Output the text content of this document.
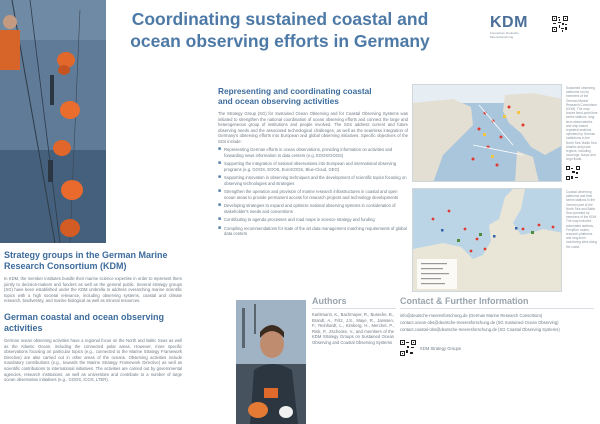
Coordinating sustained coastal and
ocean observing efforts in Germany
KDM
Konsortium Deutsche
Meeresforschung
Strategy groups in the German Marine
Research Consortium (KDM)

In KDM, the member institutes bundle their marine science expertise in order to represent them jointly to decision-makers and funders as well as the general public. Several strategy groups (SG) have been established under the KDM umbrella to address overarching marine scientific topics with a high societal relevance, including observing systems, coastal and climate research, biodiversity, and marine biological as well as mineral resources.

German coastal and ocean observing
activities

German ocean observing activities have a regional focus on the North and Baltic Seas as well as the Atlantic Ocean, including the connected polar areas. However, more specific observations focusing on particular topics (e.g., connected to the Marine Strategy Framework Directive) are also carried out in other areas of the oceans. Observing activities include mandatory contributions (e.g., towards the Marine Strategy Framework Directive) as well as scientific contributions to international initiatives. The activities are carried out by governmental agencies, research institutions, as well as universities and contribute to a number of large ocean observation initiatives (e.g., GOOS, ICOS, LTER).

Representing and coordinating coastal
and ocean observing activities

The Strategy Group (SG) for Sustained Ocean Observing and for Coastal Observing Systems was initiated to strengthen the national coordination of ocean observing efforts and connect the large and heterogeneous group of institutions and people involved. The SGs address current and future observing needs and the associated technological challenges, as well as the seamless integration of Germany's observing efforts into European and global observing initiatives. Specific objectives of the SGs include:

■ Representing German efforts in ocean observations, providing information on activities and forwarding news information to data centers (e.g. EOOS/GOOS)
■ Supporting the integration of national observations into European and international observing programs (e.g. GOOS, EOOS, EuroGOOS, Blue-Cloud, GEO)
■ Supporting innovation in observing techniques and the development of scientific topics focusing on observing technologies and strategies
■ Strengthen the operation and provision of marine research infrastructures in coastal and open ocean areas to provide permanent access for research projects and technology developments
■ Developing strategies to expand and optimize national observing systems in consideration of stakeholder's needs and conventions
■ Contributing to agenda processes and road maps in science strategy and funding
■ Compiling recommendations for state of the art data management matching requirements of global data centers
Sustained observing platforms run by members of the German Marine Research Consortium (KDM). The map shows fixed-point time series stations, long-term observatories and ship-based repeated sections operated by German institutions in the North Sea, Baltic Sea, Atlantic and polar regions, including moorings, buoys and Argo floats.
Coastal observing platforms and time series stations in the German part of the North Sea and Baltic Sea operated by members of the KDM. The map includes automated stations, FerryBox routes, research platforms and long-term monitoring sites along the coast.
Authors

Karlsmann, K., Bachmayer, R., Busecke, B., Brandt, A., Fritz, J.S., Maye, R., Janssen, F., Reinhardt, L., Kimberg, H., Merchel, P., Rink, P., Zschocke, V., and members of the KDM Strategy Groups on Sustained Ocean Observing and Coastal Observing Systems

Contact & Further Information

info@deutsche-meeresforschung.de (German Marine Research Consortium)

contact.ocean-obs@deutsche-meeresforschung.de (SG Sustained Ocean Observing)

contact.coastal-obs@deutsche-meeresforschung.de (SG Coastal Observing Systems)

KDM Strategy Groups
